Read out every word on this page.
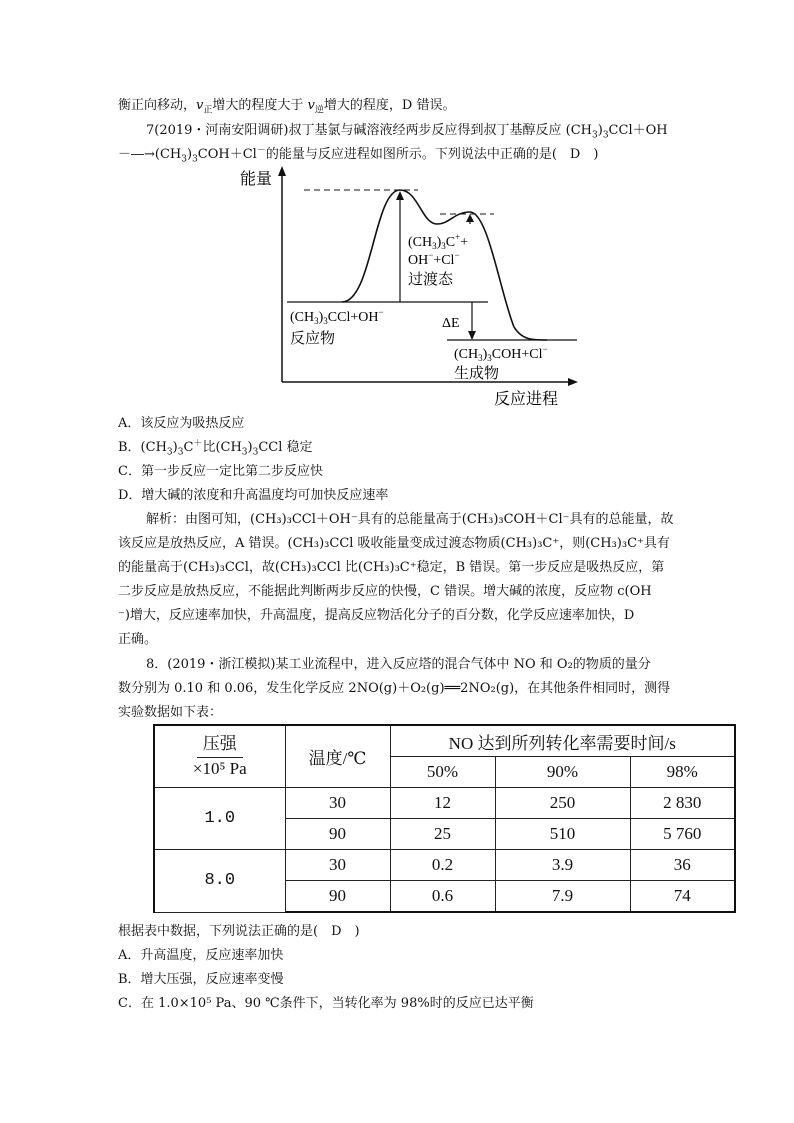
衡正向移动，$v_正$增大的程度大于 $v_逆$增大的程度，D 错误。
7(2019・河南安阳调研)叔丁基氯与碱溶液经两步反应得到叔丁基醇反应 $(CH_3)_3CCl+OH$
$-―\to(CH_3)_3COH+Cl^-$的能量与反应进程如图所示。下列说法中正确的是(　D　)
能量
反应进程
ΔE
$(CH_3)_3C^++$
OH−+Cl−
过渡态
$(CH_3)_3CCl+OH^-$
反应物
$(CH_3)_3COH+Cl^-$
生成物
A．该反应为吸热反应
B．$(CH_3)_3C^+$比$(CH_3)_3CCl$ 稳定
C．第一步反应一定比第二步反应快
D．增大碱的浓度和升高温度均可加快反应速率
解析：由图可知，(CH₃)₃CCl＋OH⁻具有的总能量高于(CH₃)₃COH＋Cl⁻具有的总能量，故
该反应是放热反应，A 错误。(CH₃)₃CCl 吸收能量变成过渡态物质(CH₃)₃C⁺，则(CH₃)₃C⁺具有
的能量高于(CH₃)₃CCl，故(CH₃)₃CCl 比(CH₃)₃C⁺稳定，B 错误。第一步反应是吸热反应，第
二步反应是放热反应，不能据此判断两步反应的快慢，C 错误。增大碱的浓度，反应物 c(OH
⁻)增大，反应速率加快，升高温度，提高反应物活化分子的百分数，化学反应速率加快，D
正确。
8．(2019・浙江模拟)某工业流程中，进入反应塔的混合气体中 NO 和 O₂的物质的量分
数分别为 0.10 和 0.06，发生化学反应 2NO(g)＋O₂(g)══2NO₂(g)，在其他条件相同时，测得
实验数据如下表：
压强
×10⁵ Pa	温度/℃	NO 达到所列转化率需要时间/s		
		50%	90%	98%
1.0	30	12	250	2 830
	90	25	510	5 760
8.0	30	0.2	3.9	36
	90	0.6	7.9	74
根据表中数据，下列说法正确的是(　D　)
A．升高温度，反应速率加快
B．增大压强，反应速率变慢
C．在 1.0×10⁵ Pa、90 ℃条件下，当转化率为 98%时的反应已达平衡
